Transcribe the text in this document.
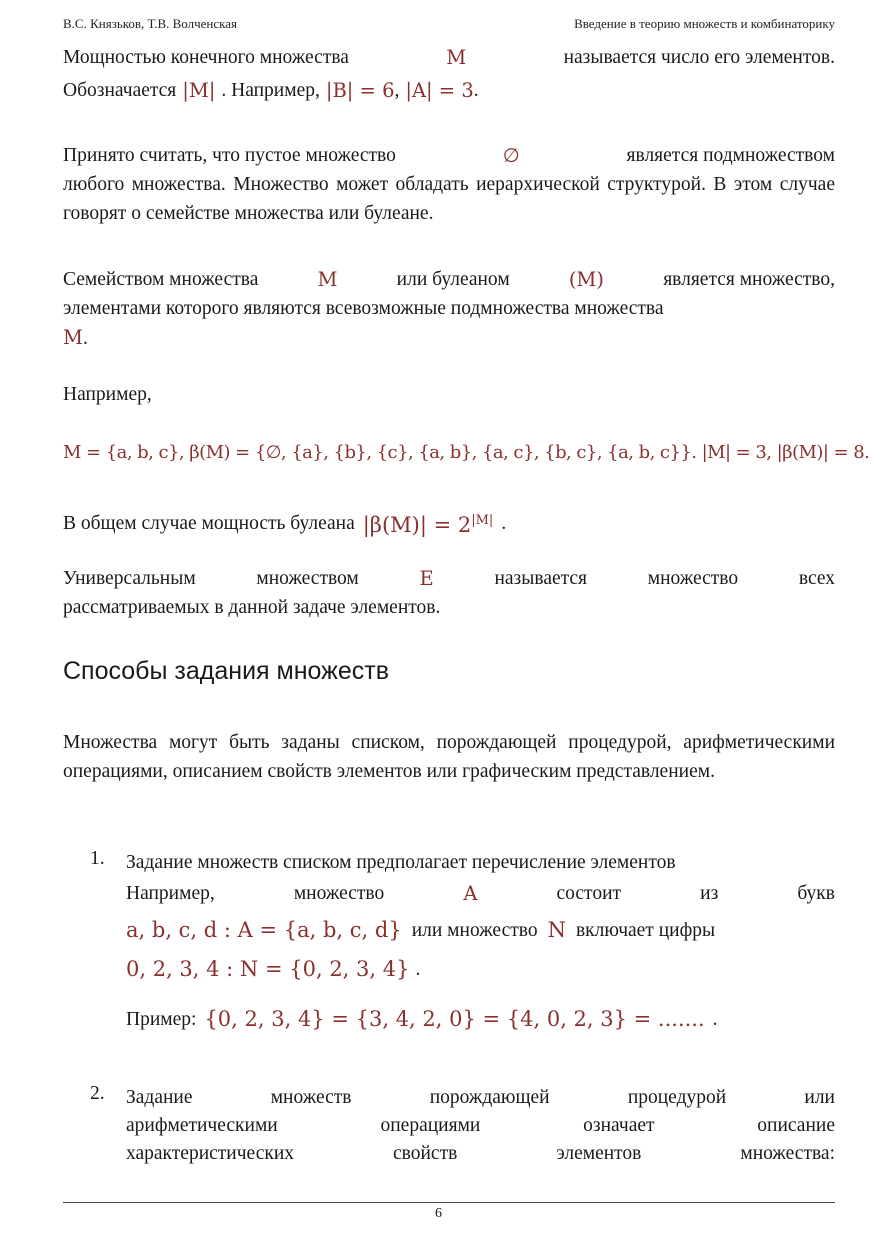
В.С. Князьков, Т.В. Волченская	Введение в теорию множеств и комбинаторику
Мощностью конечного множества	M	называется число его элементов.
Обозначается |M| . Например, |B| = 6 , |A| = 3 .
Принято считать, что пустое множество	∅	является подмножеством
любого множества. Множество может обладать иерархической структурой. В этом случае говорят о семействе множества или булеане.
Семейством множества	M	или булеаном	(M)	является множество,
элементами которого являются всевозможные подмножества множества
M.
Например,
M = {a, b, c}, β(M) = {∅, {a}, {b}, {c}, {a, b}, {a, c}, {b, c}, {a, b, c}}. |M| = 3, |β(M)| = 8.
В общем случае мощность булеана $|\beta(M)| = 2^{|M|}$ .
Универсальным	множеством	E	называется	множество	всех
рассматриваемых в данной задаче элементов.
Способы задания множеств
Множества могут быть заданы списком, порождающей процедурой, арифметическими операциями, описанием свойств элементов или графическим представлением.
1. Задание множеств списком предполагает перечисление элементов
Например,	множество	A	состоит	из	букв
a, b, c, d : A = {a, b, c, d} или множество N включает цифры
0, 2, 3, 4 : N = {0, 2, 3, 4} .
Пример: {0, 2, 3, 4} = {3, 4, 2, 0} = {4, 0, 2, 3} = ....... .
2. Задание	множеств	порождающей	процедурой	или
арифметическими	операциями	означает	описание
характеристических	свойств	элементов	множества:
6
